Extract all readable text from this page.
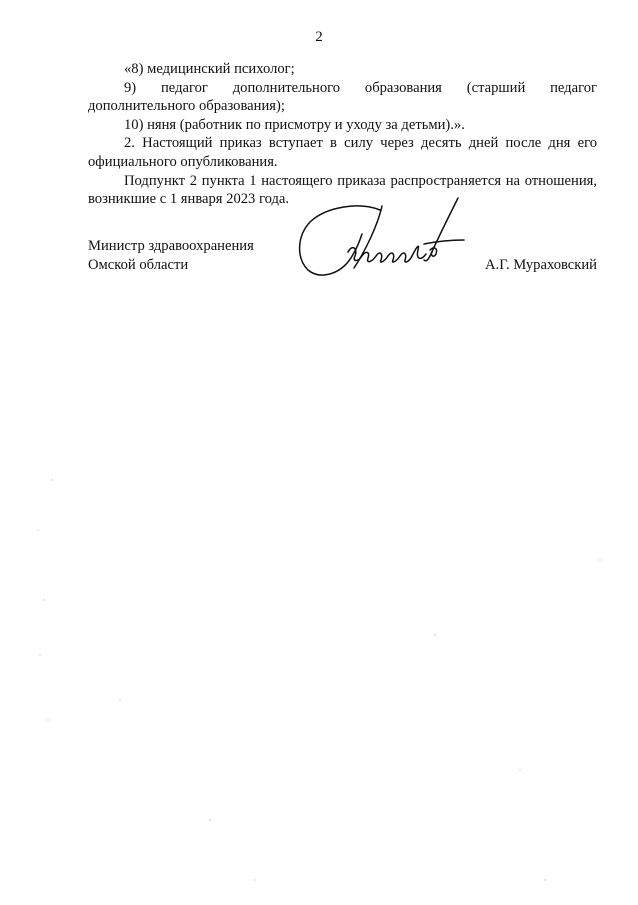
2

«8) медицинский психолог;

9) педагог дополнительного образования (старший педагог дополнительного образования);

10) няня (работник по присмотру и уходу за детьми).».

2. Настоящий приказ вступает в силу через десять дней после дня его официального опубликования.

Подпункт 2 пункта 1 настоящего приказа распространяется на отношения, возникшие с 1 января 2023 года.

Министр здравоохранения
Омской области	А.Г. Мураховский
